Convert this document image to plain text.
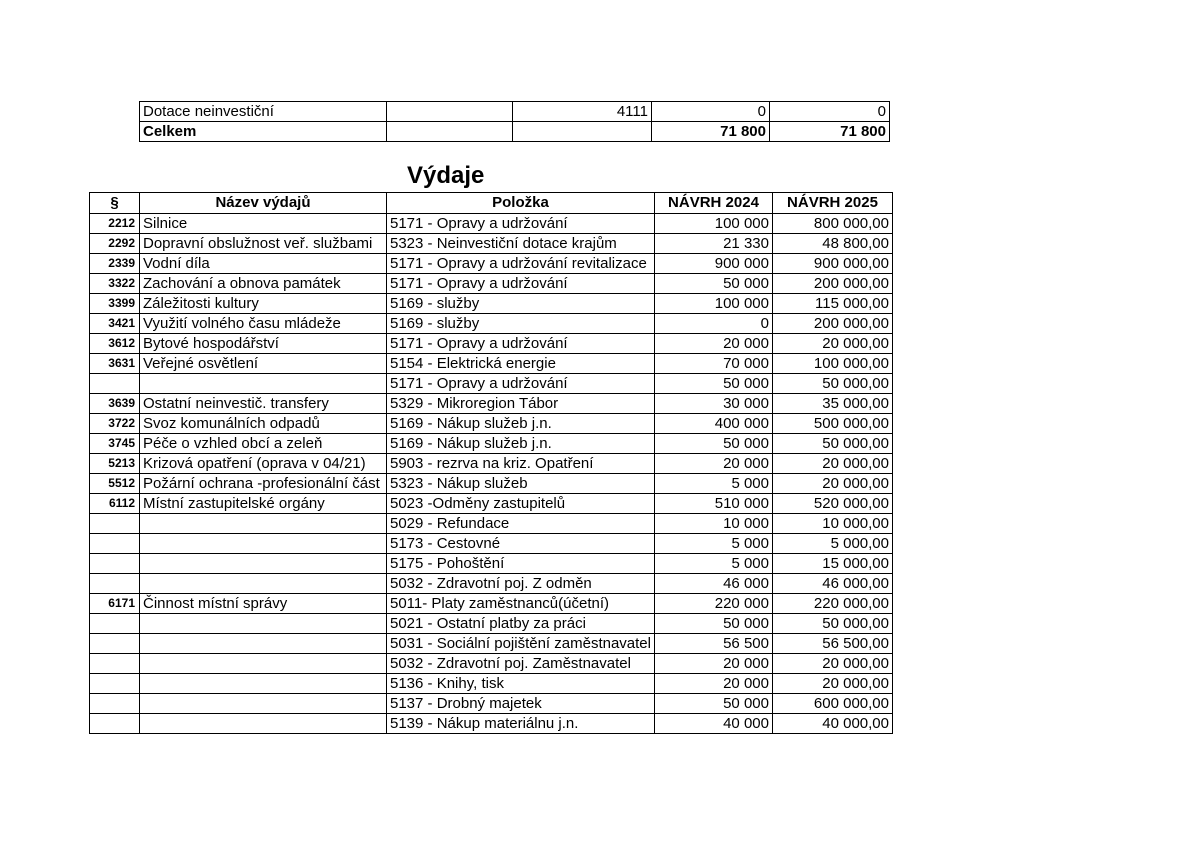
Dotace neinvestiční		4111	0	0
Celkem			71 800	71 800
Výdaje
§	Název výdajů	Položka	NÁVRH 2024	NÁVRH 2025
2212	Silnice	5171 - Opravy a udržování	100 000	800 000,00
2292	Dopravní obslužnost veř. službami	5323 - Neinvestiční dotace krajům	21 330	48 800,00
2339	Vodní díla	5171 - Opravy a udržování revitalizace	900 000	900 000,00
3322	Zachování a obnova památek	5171 - Opravy a udržování	50 000	200 000,00
3399	Záležitosti kultury	5169 - služby	100 000	115 000,00
3421	Využití volného času mládeže	5169 - služby	0	200 000,00
3612	Bytové hospodářství	5171 - Opravy a udržování	20 000	20 000,00
3631	Veřejné osvětlení	5154 - Elektrická energie	70 000	100 000,00
		5171 - Opravy a udržování	50 000	50 000,00
3639	Ostatní neinvestič. transfery	5329 - Mikroregion Tábor	30 000	35 000,00
3722	Svoz komunálních odpadů	5169 - Nákup služeb j.n.	400 000	500 000,00
3745	Péče o vzhled obcí a zeleň	5169 - Nákup služeb j.n.	50 000	50 000,00
5213	Krizová opatření (oprava v 04/21)	5903 - rezrva na kriz. Opatření	20 000	20 000,00
5512	Požární ochrana -profesionální část	5323 - Nákup služeb	5 000	20 000,00
6112	Místní zastupitelské orgány	5023 -Odměny zastupitelů	510 000	520 000,00
		5029 - Refundace	10 000	10 000,00
		5173 - Cestovné	5 000	5 000,00
		5175 - Pohoštění	5 000	15 000,00
		5032 - Zdravotní poj. Z odměn	46 000	46 000,00
6171	Činnost místní správy	5011- Platy zaměstnanců(účetní)	220 000	220 000,00
		5021 - Ostatní platby za práci	50 000	50 000,00
		5031 - Sociální pojištění zaměstnavatel	56 500	56 500,00
		5032 - Zdravotní poj. Zaměstnavatel	20 000	20 000,00
		5136 - Knihy, tisk	20 000	20 000,00
		5137 - Drobný majetek	50 000	600 000,00
		5139 - Nákup materiálnu j.n.	40 000	40 000,00
